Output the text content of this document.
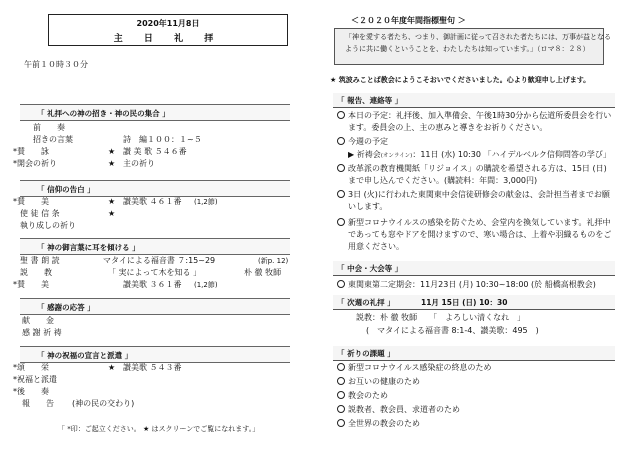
2020年11月8日
主 日 礼 拝
午前１０時３０分
「 礼拝への神の招き・神の民の集合 」
前　　奏
招きの言葉	詩　編１００：１~５
*賛　　詠	★ 讃 美 歌 ５４６番
*開会の祈り	★ 主の祈り
「 信仰の告白 」
*賛　　美	★ 讃美歌 ４６１番 (1,2節)
使 徒 信 条	★
執り成しの祈り
「 神の御言葉に耳を傾ける 」
聖 書 朗 読	マタイによる福音書 ７:15~29	(新p. 12)
説　　教	「 実によって木を知る 」	朴 徹 牧師
*賛　　美	讃美歌 ３６１番 (1,2節)
「 感謝の応答 」
献　　金
感 謝 祈 祷
「 神の祝福の宣言と派遣 」
*頌　　栄	★ 讃美歌 ５４３番
*祝福と派遣
*後　　奏
報　　告 (神の民の交わり)
「 *印：ご起立ください。 ★ はスクリーンでご覧になれます。」
＜２０２０年度年間指標聖句 ＞
「神を愛する者たち、つまり、御計画に従って召された者たちには、万事が益となる
ように共に働くということを、わたしたちは知っています。」（ロマ８：２８）
★ 筑波みことば教会にようこそおいでくださいました。心より歓迎申し上げます。
「 報告、連絡等 」
本日の予定：礼拝後、加入準備会、午後1時30分から伝道所委員会を行い
ます。委員会の上、主の恵みと導きをお祈りください。
今週の予定
▶ 祈祷会(オンライン)：11日 (水) 10:30 「ハイデルベルク信仰問答の学び」
改革派の教育機関紙「リジョイス」の購読を希望される方は、15日 (日)
まで申し込んでください。(購読料：年間：3,000円)
3日 (火)に行われた東関東中会信徒研修会の献金は、会計担当者までお願
いします。
新型コロナウイルスの感染を防ぐため、会堂内を換気しています。礼拝中
であっても窓やドアを開けますので、寒い場合は、上着や羽織るものをご
用意ください。
「 中会・大会等 」
東関東第二定期会：11月23日 (月) 10:30~18:00 (於 船橋高根教会)
「 次週の礼拝 」	11月 15日 (日) 10：30
説教：朴 徹 牧師　　「　よろしい清くなれ　」
(　マタイによる福音書 8:1-4、讃美歌：495　)
「 祈りの課題 」
新型コロナウイルス感染症の終息のため
お互いの健康のため
教会のため
説教者、教会員、求道者のため
全世界の教会のため
